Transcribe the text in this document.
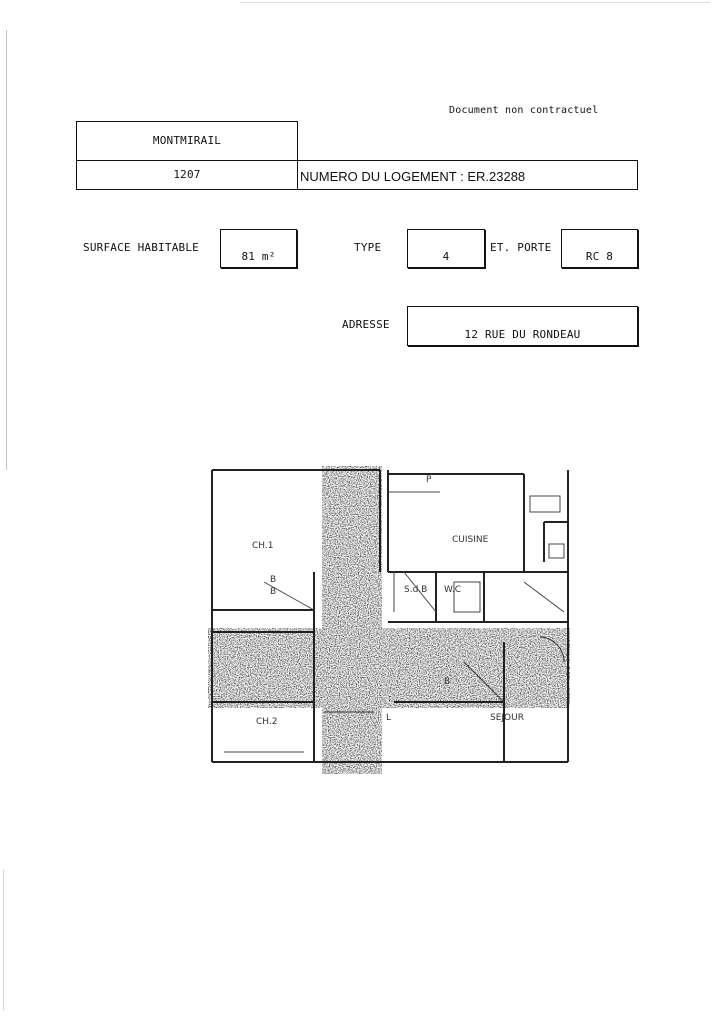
Document non contractuel
MONTMIRAIL
1207	NUMERO DU LOGEMENT : ER.23288
SURFACE HABITABLE
81 m²
TYPE
4
ET. PORTE
RC 8
ADRESSE
12 RUE DU RONDEAU
CH.1
CUISINE
S.d.B W.C
CH.2	SEJOUR
P
B
B
L
B
